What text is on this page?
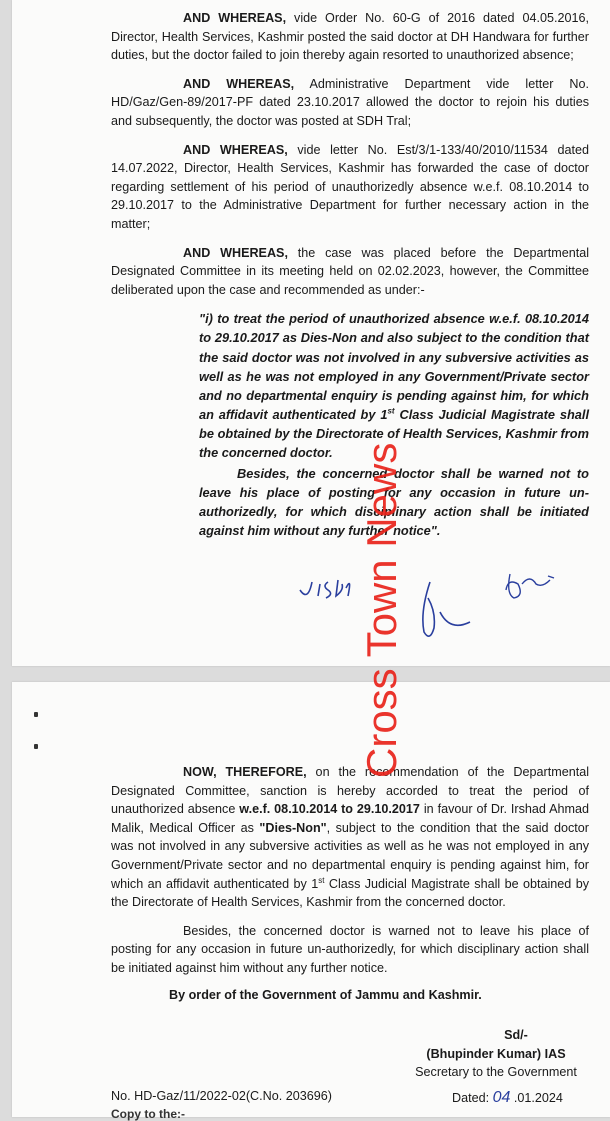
AND WHEREAS, vide Order No. 60-G of 2016 dated 04.05.2016, Director, Health Services, Kashmir posted the said doctor at DH Handwara for further duties, but the doctor failed to join thereby again resorted to unauthorized absence;

AND WHEREAS, Administrative Department vide letter No. HD/Gaz/Gen-89/2017-PF dated 23.10.2017 allowed the doctor to rejoin his duties and subsequently, the doctor was posted at SDH Tral;

AND WHEREAS, vide letter No. Est/3/1-133/40/2010/11534 dated 14.07.2022, Director, Health Services, Kashmir has forwarded the case of doctor regarding settlement of his period of unauthorizedly absence w.e.f. 08.10.2014 to 29.10.2017 to the Administrative Department for further necessary action in the matter;

AND WHEREAS, the case was placed before the Departmental Designated Committee in its meeting held on 02.02.2023, however, the Committee deliberated upon the case and recommended as under:-

"i) to treat the period of unauthorized absence w.e.f. 08.10.2014 to 29.10.2017 as Dies-Non and also subject to the condition that the said doctor was not involved in any subversive activities as well as he was not employed in any Government/Private sector and no departmental enquiry is pending against him, for which an affidavit authenticated by 1st Class Judicial Magistrate shall be obtained by the Directorate of Health Services, Kashmir from the concerned doctor.

Besides, the concerned doctor shall be warned not to leave his place of posting for any occasion in future un-authorizedly, for which disciplinary action shall be initiated against him without any further notice".

NOW, THEREFORE, on the recommendation of the Departmental Designated Committee, sanction is hereby accorded to treat the period of unauthorized absence w.e.f. 08.10.2014 to 29.10.2017 in favour of Dr. Irshad Ahmad Malik, Medical Officer as "Dies-Non", subject to the condition that the said doctor was not involved in any subversive activities as well as he was not employed in any Government/Private sector and no departmental enquiry is pending against him, for which an affidavit authenticated by 1st Class Judicial Magistrate shall be obtained by the Directorate of Health Services, Kashmir from the concerned doctor.

Besides, the concerned doctor is warned not to leave his place of posting for any occasion in future un-authorizedly, for which disciplinary action shall be initiated against him without any further notice.

By order of the Government of Jammu and Kashmir.

Sd/-
(Bhupinder Kumar) IAS
Secretary to the Government
No. HD-Gaz/11/2022-02(C.No. 203696)	Dated: 04 .01.2024
Copy to the:-
Cross Town News
